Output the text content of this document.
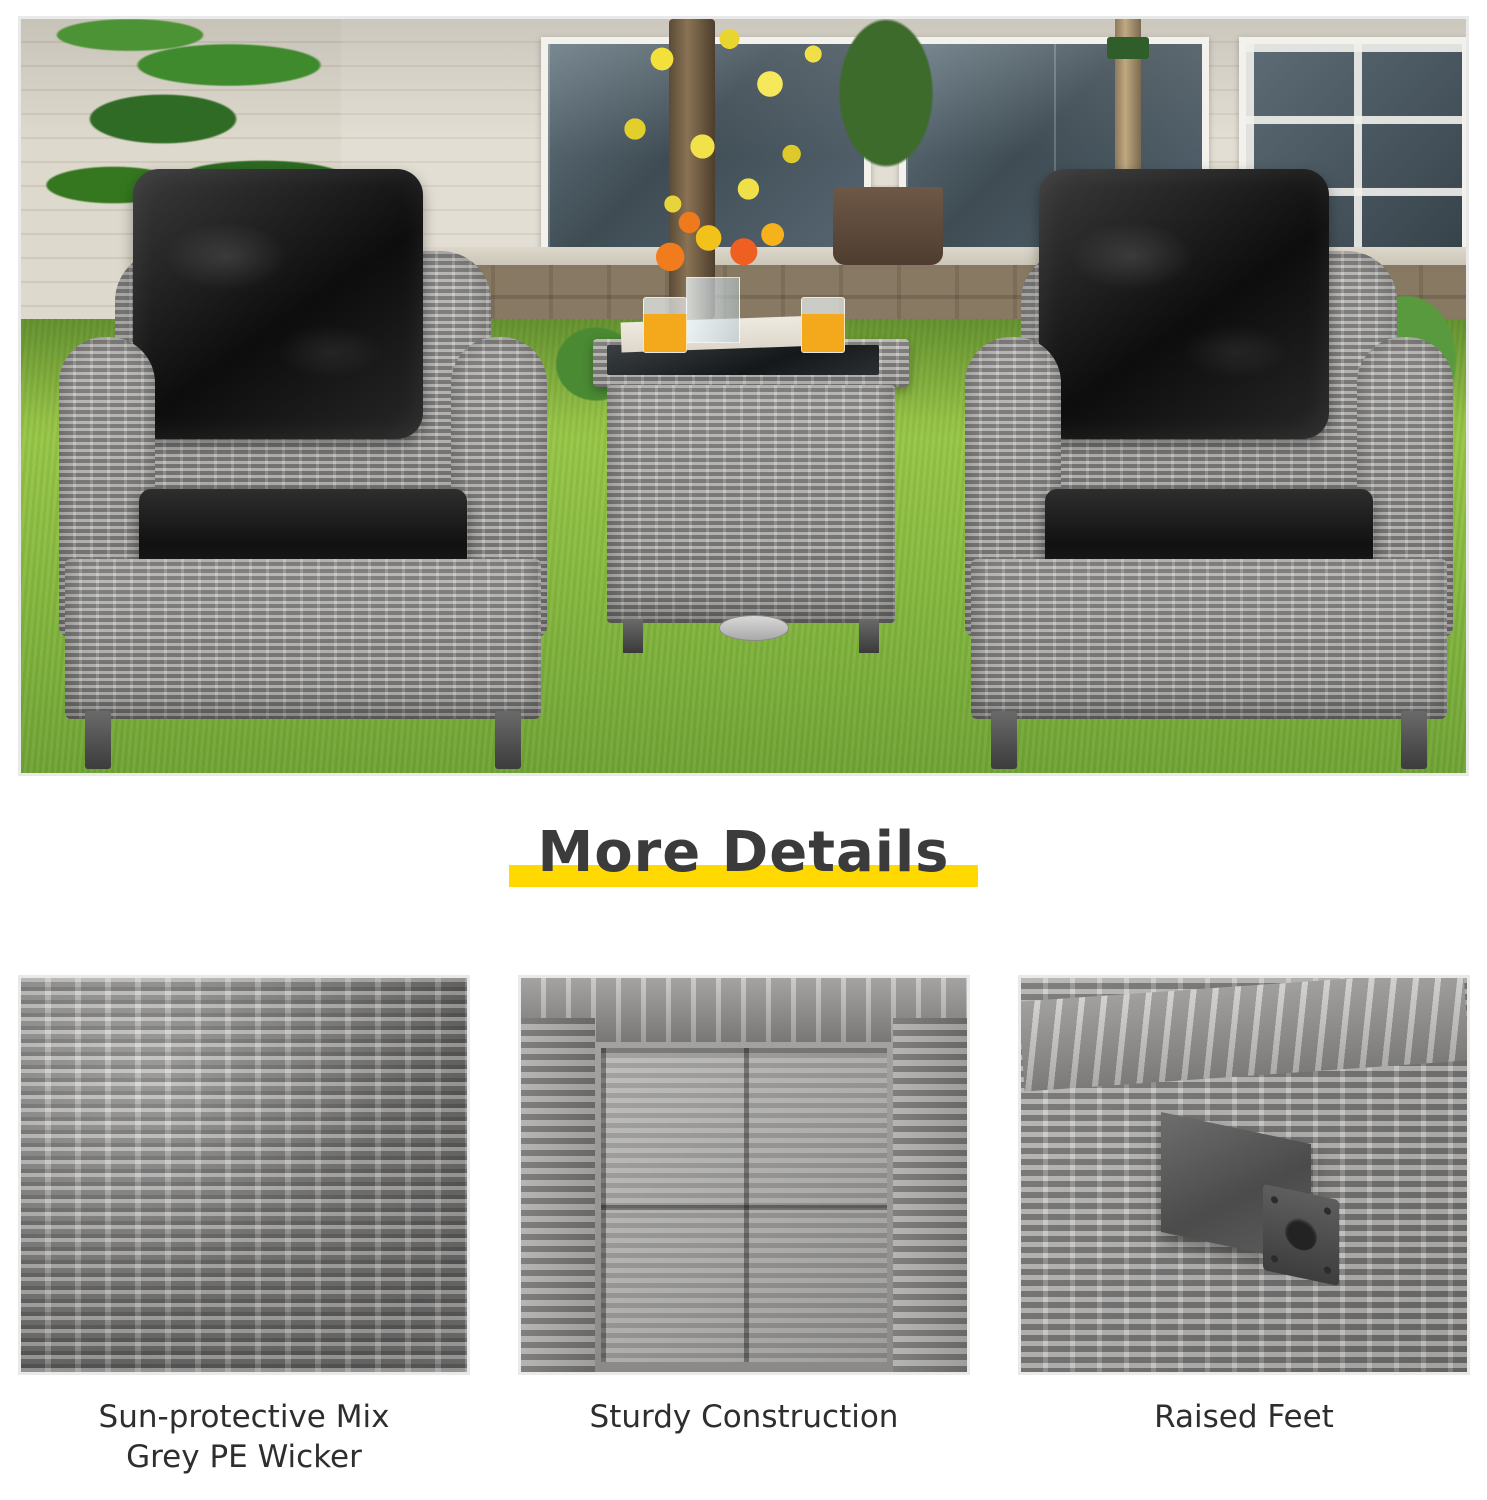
More Details
Sun-protective Mix
Grey PE Wicker
Sturdy Construction	Raised Feet
